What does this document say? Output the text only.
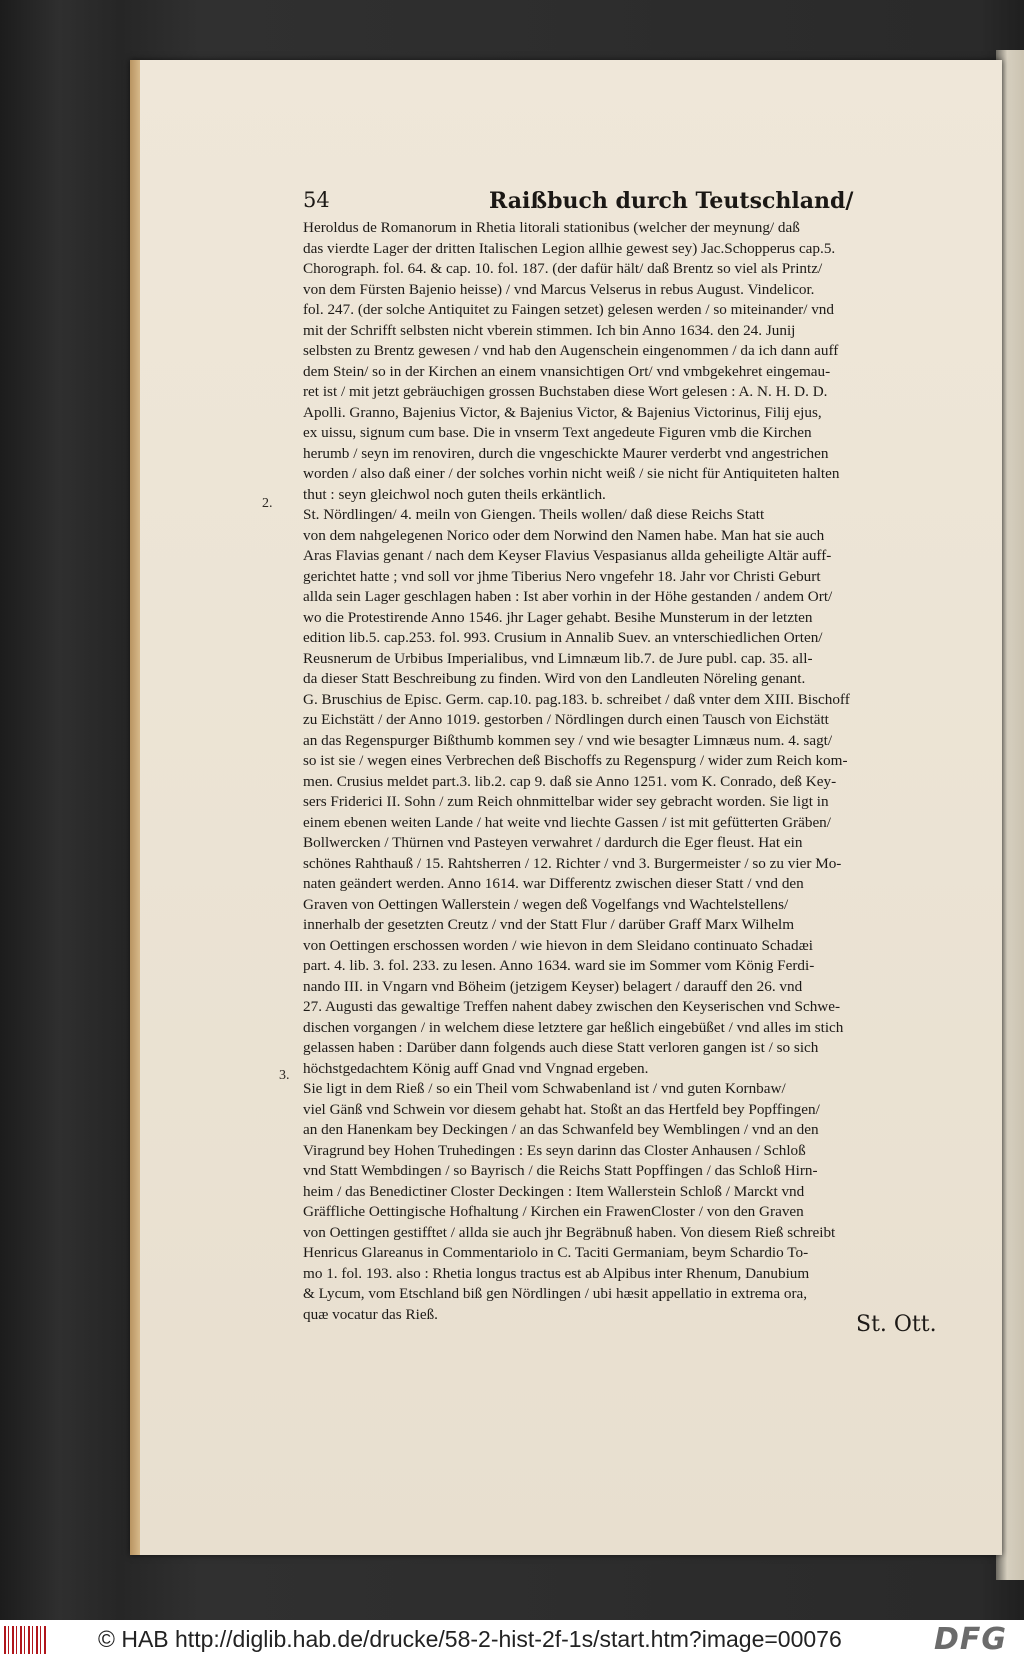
54	Raißbuch durch Teutschland/
2.
3.
Heroldus de Romanorum in Rhetia litorali stationibus (welcher der meynung/ daß
das vierdte Lager der dritten Italischen Legion allhie gewest sey) Jac.Schopperus cap.5.
Chorograph. fol. 64. & cap. 10. fol. 187. (der dafür hält/ daß Brentz so viel als Printz/
von dem Fürsten Bajenio heisse) / vnd Marcus Velserus in rebus August. Vindelicor.
fol. 247. (der solche Antiquitet zu Faingen setzet) gelesen werden / so miteinander/ vnd
mit der Schrifft selbsten nicht vberein stimmen. Ich bin Anno 1634. den 24. Junij
selbsten zu Brentz gewesen / vnd hab den Augenschein eingenommen / da ich dann auff
dem Stein/ so in der Kirchen an einem vnansichtigen Ort/ vnd vmbgekehret eingemau-
ret ist / mit jetzt gebräuchigen grossen Buchstaben diese Wort gelesen : A. N. H. D. D.
Apolli. Granno, Bajenius Victor, & Bajenius Victor, & Bajenius Victorinus, Filij ejus,
ex uissu, signum cum base. Die in vnserm Text angedeute Figuren vmb die Kirchen
herumb / seyn im renoviren, durch die vngeschickte Maurer verderbt vnd angestrichen
worden / also daß einer / der solches vorhin nicht weiß / sie nicht für Antiquiteten halten
thut : seyn gleichwol noch guten theils erkäntlich.
St. Nördlingen/ 4. meiln von Giengen. Theils wollen/ daß diese Reichs Statt
von dem nahgelegenen Norico oder dem Norwind den Namen habe. Man hat sie auch
Aras Flavias genant / nach dem Keyser Flavius Vespasianus allda geheiligte Altär auff-
gerichtet hatte ; vnd soll vor jhme Tiberius Nero vngefehr 18. Jahr vor Christi Geburt
allda sein Lager geschlagen haben : Ist aber vorhin in der Höhe gestanden / andem Ort/
wo die Protestirende Anno 1546. jhr Lager gehabt. Besihe Munsterum in der letzten
edition lib.5. cap.253. fol. 993. Crusium in Annalib Suev. an vnterschiedlichen Orten/
Reusnerum de Urbibus Imperialibus, vnd Limnæum lib.7. de Jure publ. cap. 35. all-
da dieser Statt Beschreibung zu finden. Wird von den Landleuten Nöreling genant.
G. Bruschius de Episc. Germ. cap.10. pag.183. b. schreibet / daß vnter dem XIII. Bischoff
zu Eichstätt / der Anno 1019. gestorben / Nördlingen durch einen Tausch von Eichstätt
an das Regenspurger Bißthumb kommen sey / vnd wie besagter Limnæus num. 4. sagt/
so ist sie / wegen eines Verbrechen deß Bischoffs zu Regenspurg / wider zum Reich kom-
men. Crusius meldet part.3. lib.2. cap 9. daß sie Anno 1251. vom K. Conrado, deß Key-
sers Friderici II. Sohn / zum Reich ohnmittelbar wider sey gebracht worden. Sie ligt in
einem ebenen weiten Lande / hat weite vnd liechte Gassen / ist mit gefütterten Gräben/
Bollwercken / Thürnen vnd Pasteyen verwahret / dardurch die Eger fleust. Hat ein
schönes Rahthauß / 15. Rahtsherren / 12. Richter / vnd 3. Burgermeister / so zu vier Mo-
naten geändert werden. Anno 1614. war Differentz zwischen dieser Statt / vnd den
Graven von Oettingen Wallerstein / wegen deß Vogelfangs vnd Wachtelstellens/
innerhalb der gesetzten Creutz / vnd der Statt Flur / darüber Graff Marx Wilhelm
von Oettingen erschossen worden / wie hievon in dem Sleidano continuato Schadæi
part. 4. lib. 3. fol. 233. zu lesen. Anno 1634. ward sie im Sommer vom König Ferdi-
nando III. in Vngarn vnd Böheim (jetzigem Keyser) belagert / darauff den 26. vnd
27. Augusti das gewaltige Treffen nahent dabey zwischen den Keyserischen vnd Schwe-
dischen vorgangen / in welchem diese letztere gar heßlich eingebüßet / vnd alles im stich
gelassen haben : Darüber dann folgends auch diese Statt verloren gangen ist / so sich
höchstgedachtem König auff Gnad vnd Vngnad ergeben.
Sie ligt in dem Rieß / so ein Theil vom Schwabenland ist / vnd guten Kornbaw/
viel Gänß vnd Schwein vor diesem gehabt hat. Stoßt an das Hertfeld bey Popffingen/
an den Hanenkam bey Deckingen / an das Schwanfeld bey Wemblingen / vnd an den
Viragrund bey Hohen Truhedingen : Es seyn darinn das Closter Anhausen / Schloß
vnd Statt Wembdingen / so Bayrisch / die Reichs Statt Popffingen / das Schloß Hirn-
heim / das Benedictiner Closter Deckingen : Item Wallerstein Schloß / Marckt vnd
Gräffliche Oettingische Hofhaltung / Kirchen ein FrawenCloster / von den Graven
von Oettingen gestifftet / allda sie auch jhr Begräbnuß haben. Von diesem Rieß schreibt
Henricus Glareanus in Commentariolo in C. Taciti Germaniam, beym Schardio To-
mo 1. fol. 193. also : Rhetia longus tractus est ab Alpibus inter Rhenum, Danubium
& Lycum, vom Etschland biß gen Nördlingen / ubi hæsit appellatio in extrema ora,
quæ vocatur das Rieß.	St. Ott.
© HAB http://diglib.hab.de/drucke/58-2-hist-2f-1s/start.htm?image=00076	DFG
